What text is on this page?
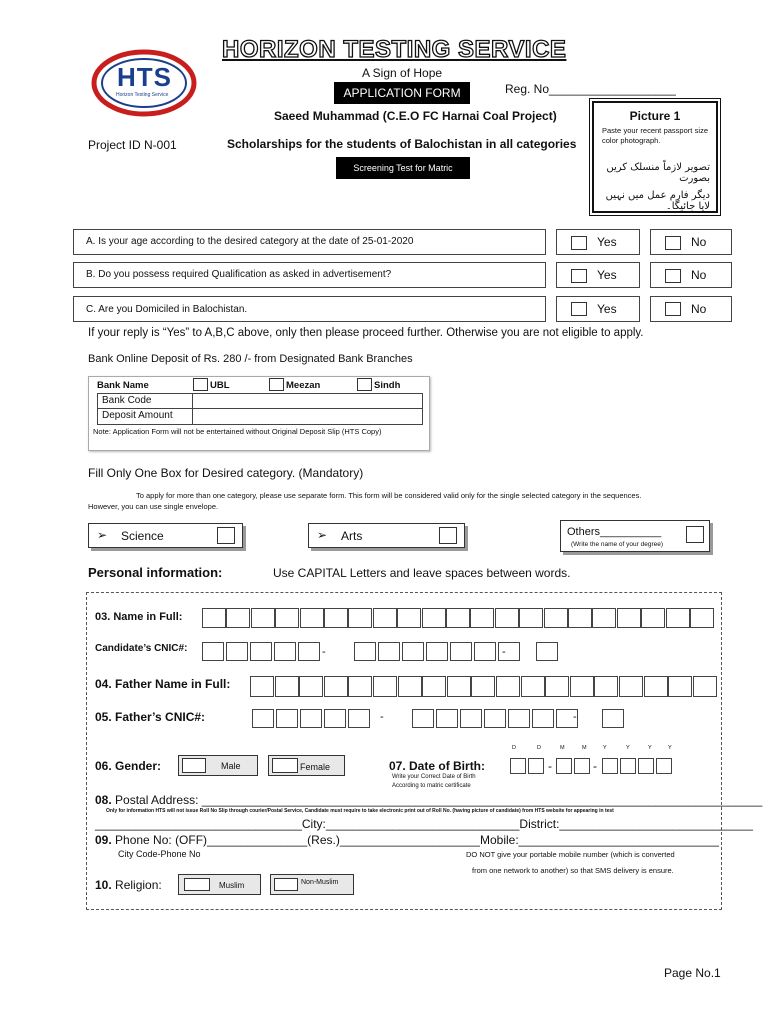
HTS
Horizon Testing Service
HORIZON TESTING SERVICE
A Sign of Hope
APPLICATION FORM	Reg. No___________________
Saeed Muhammad (C.E.O FC Harnai Coal Project)
Project ID N-001	Scholarships for the students of Balochistan in all categories
Screening Test for Matric
Picture 1
Paste your recent passport size color photograph.
تصویر لازماً منسلک کریں بصورت
دیگر فارم عمل میں نہیں لایا جائیگا۔
A. Is your age according to the desired category at the date of 25-01-2020	Yes	No
B. Do you possess required Qualification as asked in advertisement?	Yes	No
C. Are you Domiciled in Balochistan.	Yes	No
If your reply is “Yes” to A,B,C above, only then please proceed further. Otherwise you are not eligible to apply.
Bank Online Deposit of Rs. 280 /- from Designated Bank Branches
Bank Name	UBL	Meezan	Sindh
Bank Code
Deposit Amount
Note: Application Form will not be entertained without Original Deposit Slip (HTS Copy)
Fill Only One Box for Desired category. (Mandatory)
To apply for more than one category, please use separate form. This form will be considered valid only for the single selected category in the sequences.
However, you can use single envelope.
➢ Science	➢ Arts	Others__________
(Write the name of your degree)
Personal information:	Use CAPITAL Letters and leave spaces between words.
03. Name in Full:
Candidate’s CNIC#:	-	-
04. Father Name in Full:
05. Father’s CNIC#:	-	-
06. Gender:	Male	Female	07. Date of Birth:
D	D	M	M	Y	Y	Y	Y
-	-
Write your Correct Date of Birth
According to matric certificate
08. Postal Address: ____________________________________________________________________________________
Only for information HTS will not issue Roll No Slip through courier/Postal Service, Candidate must require to take electronic print out of Roll No. (having picture of candidate) from HTS website for appearing in test
_______________________________City:_____________________________District:_____________________________
09. Phone No: (OFF)_______________(Res.)_____________________Mobile:______________________________
City Code-Phone No	DO NOT give your portable mobile number (which is converted
from one network to another) so that SMS delivery is ensure.
10. Religion:	Muslim	Non-Muslim
Page No.1
